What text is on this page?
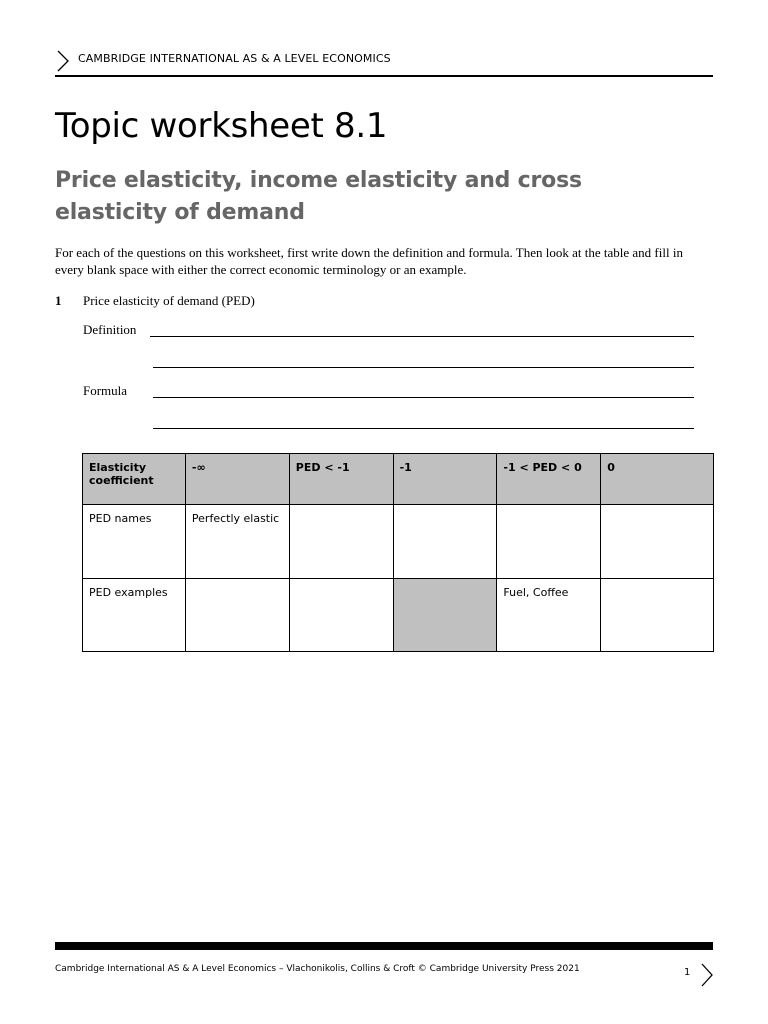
CAMBRIDGE INTERNATIONAL AS & A LEVEL ECONOMICS
Topic worksheet 8.1
Price elasticity, income elasticity and cross elasticity of demand

For each of the questions on this worksheet, first write down the definition and formula. Then look at the table and fill in every blank space with either the correct economic terminology or an example.

1 Price elasticity of demand (PED)
Definition
Formula
Elasticity coefficient	-∞	PED < -1	-1	-1 < PED < 0	0
PED names	Perfectly elastic				
PED examples				Fuel, Coffee	
Cambridge International AS & A Level Economics – Vlachonikolis, Collins & Croft © Cambridge University Press 2021	1
